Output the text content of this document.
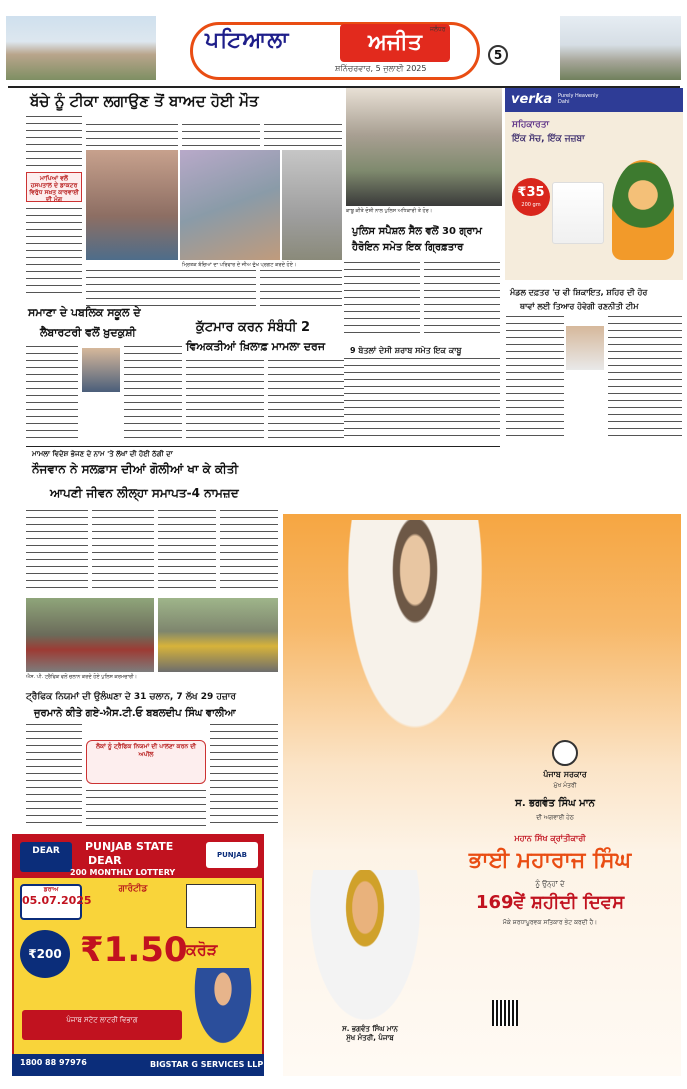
ਪਟਿਆਲਾ	ਅਜੀਤ
ਜਲੰਧਰ
ਸ਼ਨਿੱਚਰਵਾਰ, 5 ਜੁਲਾਈ 2025
5
ਬੱਚੇ ਨੂੰ ਟੀਕਾ ਲਗਾਉਣ ਤੋਂ ਬਾਅਦ ਹੋਈ ਮੌਤ
ਮਾਪਿਆਂ ਵਲੋਂ ਹਸਪਤਾਲ ਦੇ ਡਾਕਟਰ ਵਿਰੁੱਧ ਸਖ਼ਤ ਕਾਰਵਾਈ ਦੀ ਮੰਗ
ਮ੍ਰਿਤਕ ਬੱਚਿਆਂ ਦਾ ਪਰਿਵਾਰ ਦੇ ਜੀਅ ਦੁੱਖ ਪ੍ਰਗਟ ਕਰਦੇ ਹੋਏ।
ਸਮਾਣਾ ਦੇ ਪਬਲਿਕ ਸਕੂਲ ਦੇ
ਲੈਬਾਰਟਰੀ ਵਲੋਂ ਖ਼ੁਦਕੁਸ਼ੀ	ਕੁੱਟਮਾਰ ਕਰਨ ਸੰਬੰਧੀ 2
ਵਿਅਕਤੀਆਂ ਖ਼ਿਲਾਫ਼ ਮਾਮਲਾ ਦਰਜ
ਕਾਬੂ ਕੀਤੇ ਦੋਸ਼ੀ ਨਾਲ ਪੁਲਿਸ ਅਧਿਕਾਰੀ ਤੇ ਹੋਰ।
ਪੁਲਿਸ ਸਪੈਸ਼ਲ ਸੈੱਲ ਵਲੋਂ 30 ਗ੍ਰਾਮ
ਹੈਰੋਇਨ ਸਮੇਤ ਇਕ ਗ੍ਰਿਫ਼ਤਾਰ
9 ਬੋਤਲਾਂ ਦੇਸੀ ਸ਼ਰਾਬ ਸਮੇਤ ਇਕ ਕਾਬੂ
verka Purely Heavenly Dahi
ਸਹਿਕਾਰਤਾ
ਇੱਕ ਸੋਚ, ਇੱਕ ਜਜ਼ਬਾ
₹35
200 gm
ਮੰਡਲ ਦਫ਼ਤਰ 'ਚ ਵੀ ਸ਼ਿਕਾਇਤ, ਸ਼ਹਿਰ ਦੀ ਹੋਰ
ਥਾਵਾਂ ਲਈ ਤਿਆਰ ਹੋਵੇਗੀ ਰਣਨੀਤੀ ਟੀਮ
ਮਾਮਲਾ ਵਿਦੇਸ਼ ਭੇਜਣ ਦੇ ਨਾਮ 'ਤੇ ਲੱਖਾਂ ਦੀ ਹੋਈ ਠੱਗੀ ਦਾ
ਨੌਜਵਾਨ ਨੇ ਸਲਫ਼ਾਸ ਦੀਆਂ ਗੋਲੀਆਂ ਖਾ ਕੇ ਕੀਤੀ
ਆਪਣੀ ਜੀਵਨ ਲੀਲ੍ਹਾ ਸਮਾਪਤ-4 ਨਾਮਜ਼ਦ
ਐਸ. ਪੀ. ਟ੍ਰੈਫਿਕ ਵਲੋਂ ਚਲਾਨ ਕਰਦੇ ਹੋਏ ਪੁਲਿਸ ਕਰਮਚਾਰੀ।
ਟ੍ਰੈਫਿਕ ਨਿਯਮਾਂ ਦੀ ਉਲੰਘਣਾ ਦੇ 31 ਚਲਾਨ, 7 ਲੱਖ 29 ਹਜ਼ਾਰ
ਜੁਰਮਾਨੇ ਕੀਤੇ ਗਏ-ਐਸ.ਟੀ.ਓ ਬਬਲਦੀਪ ਸਿੰਘ ਵਾਲੀਆ
ਲੋਕਾਂ ਨੂੰ ਟ੍ਰੈਫਿਕ ਨਿਯਮਾਂ ਦੀ ਪਾਲਣਾ ਕਰਨ ਦੀ ਅਪੀਲ
DEAR	PUNJAB STATE
DEAR
200 MONTHLY LOTTERY
PUNJAB
ਡਰਾਅ
05.07.2025
ਗਾਰੰਟੀਡ
₹200 ₹1.50
ਕਰੋੜ
ਪੰਜਾਬ ਸਟੇਟ ਲਾਟਰੀ ਵਿਭਾਗ
1800 88 97976	BIGSTAR G SERVICES LLP
ਪੰਜਾਬ ਸਰਕਾਰ
ਮੁੱਖ ਮੰਤਰੀ
ਸ. ਭਗਵੰਤ ਸਿੰਘ ਮਾਨ
ਦੀ ਅਗਵਾਈ ਹੇਠ
ਮਹਾਨ ਸਿੱਖ ਕ੍ਰਾਂਤੀਕਾਰੀ
ਭਾਈ ਮਹਾਰਾਜ ਸਿੰਘ
ਨੂੰ ਉਨ੍ਹਾਂ ਦੇ
169ਵੇਂ ਸ਼ਹੀਦੀ ਦਿਵਸ
ਮੌਕੇ ਸ਼ਰਧਾਪੂਰਵਕ ਸਤਿਕਾਰ ਭੇਟ ਕਰਦੀ ਹੈ।
ਸ. ਭਗਵੰਤ ਸਿੰਘ ਮਾਨ
ਮੁੱਖ ਮੰਤਰੀ, ਪੰਜਾਬ
